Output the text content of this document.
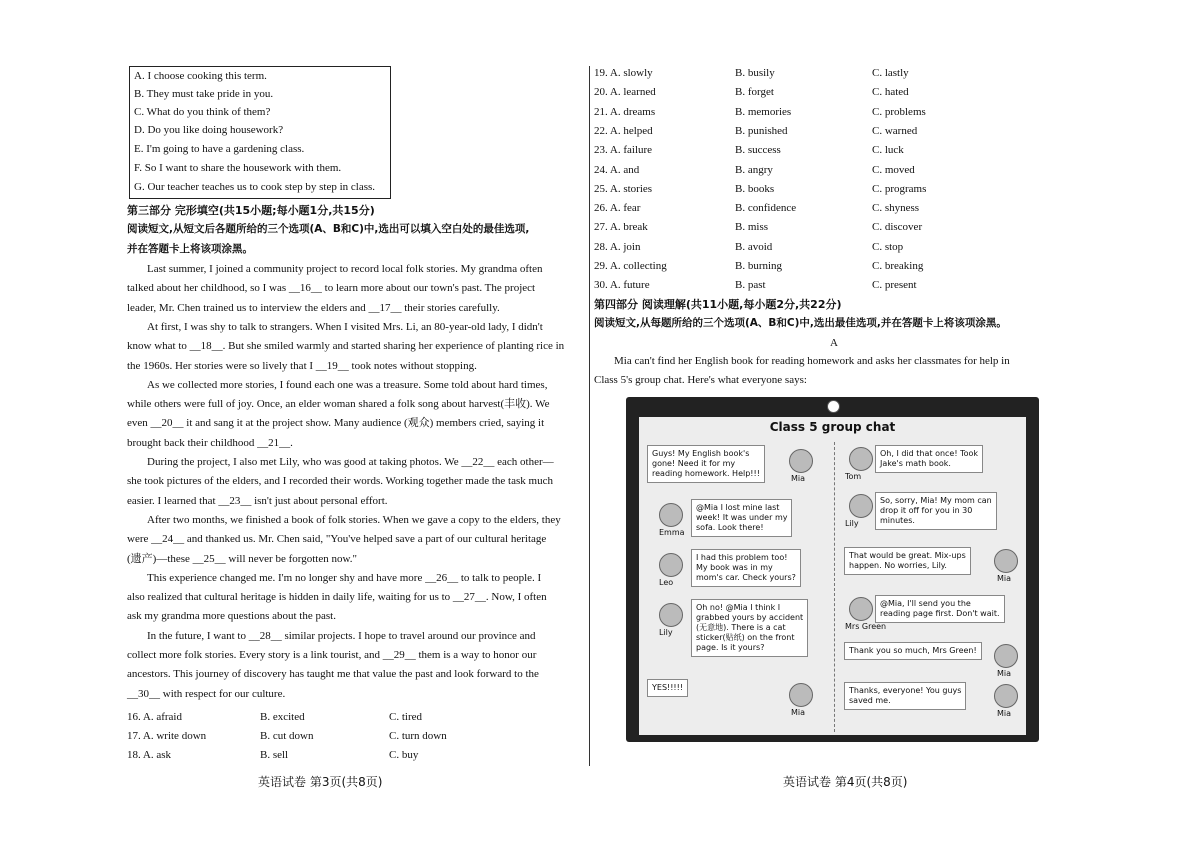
A. I choose cooking this term.
B. They must take pride in you.
C. What do you think of them?
D. Do you like doing housework?
E. I'm going to have a gardening class.
F. So I want to share the housework with them.
G. Our teacher teaches us to cook step by step in class.
第三部分 完形填空(共15小题;每小题1分,共15分)
阅读短文,从短文后各题所给的三个选项(A、B和C)中,选出可以填入空白处的最佳选项,
并在答题卡上将该项涂黑。
Last summer, I joined a community project to record local folk stories. My grandma often
talked about her childhood, so I was __16__ to learn more about our town's past. The project
leader, Mr. Chen trained us to interview the elders and __17__ their stories carefully.
At first, I was shy to talk to strangers. When I visited Mrs. Li, an 80-year-old lady, I didn't
know what to __18__. But she smiled warmly and started sharing her experience of planting rice in
the 1960s. Her stories were so lively that I __19__ took notes without stopping.
As we collected more stories, I found each one was a treasure. Some told about hard times,
while others were full of joy. Once, an elder woman shared a folk song about harvest(丰收). We
even __20__ it and sang it at the project show. Many audience (观众) members cried, saying it
brought back their childhood __21__.
During the project, I also met Lily, who was good at taking photos. We __22__ each other—
she took pictures of the elders, and I recorded their words. Working together made the task much
easier. I learned that __23__ isn't just about personal effort.
After two months, we finished a book of folk stories. When we gave a copy to the elders, they
were __24__ and thanked us. Mr. Chen said, "You've helped save a part of our cultural heritage
(遗产)—these __25__ will never be forgotten now."
This experience changed me. I'm no longer shy and have more __26__ to talk to people. I
also realized that cultural heritage is hidden in daily life, waiting for us to __27__. Now, I often
ask my grandma more questions about the past.
In the future, I want to __28__ similar projects. I hope to travel around our province and
collect more folk stories. Every story is a link tourist, and __29__ them is a way to honor our
ancestors. This journey of discovery has taught me that value the past and look forward to the
__30__ with respect for our culture.
16. A. afraid	B. excited	C. tired
17. A. write down	B. cut down	C. turn down
18. A. ask	B. sell	C. buy
英语试卷 第3页(共8页)
19. A. slowly	B. busily	C. lastly
20. A. learned	B. forget	C. hated
21. A. dreams	B. memories	C. problems
22. A. helped	B. punished	C. warned
23. A. failure	B. success	C. luck
24. A. and	B. angry	C. moved
25. A. stories	B. books	C. programs
26. A. fear	B. confidence	C. shyness
27. A. break	B. miss	C. discover
28. A. join	B. avoid	C. stop
29. A. collecting	B. burning	C. breaking
30. A. future	B. past	C. present
第四部分 阅读理解(共11小题,每小题2分,共22分)
阅读短文,从每题所给的三个选项(A、B和C)中,选出最佳选项,并在答题卡上将该项涂黑。
A
Mia can't find her English book for reading homework and asks her classmates for help in
Class 5's group chat. Here's what everyone says:
Class 5 group chat
Guys! My English book's
gone! Need it for my
reading homework. Help!!!
Mia
@Mia I lost mine last
week! It was under my
sofa. Look there!
Emma
I had this problem too!
My book was in my
mom's car. Check yours?
Leo
Oh no! @Mia I think I
grabbed yours by accident
(无意地). There is a cat
sticker(贴纸) on the front
page. Is it yours?
Lily
YES!!!!!
Mia
Oh, I did that once! Took
Jake's math book.
Tom
So, sorry, Mia! My mom can
drop it off for you in 30
minutes.
Lily
That would be great. Mix-ups
happen. No worries, Lily.
Mia
@Mia, I'll send you the
reading page first. Don't wait.
Mrs Green
Thank you so much, Mrs Green!
Mia
Thanks, everyone! You guys
saved me.
Mia
英语试卷 第4页(共8页)
